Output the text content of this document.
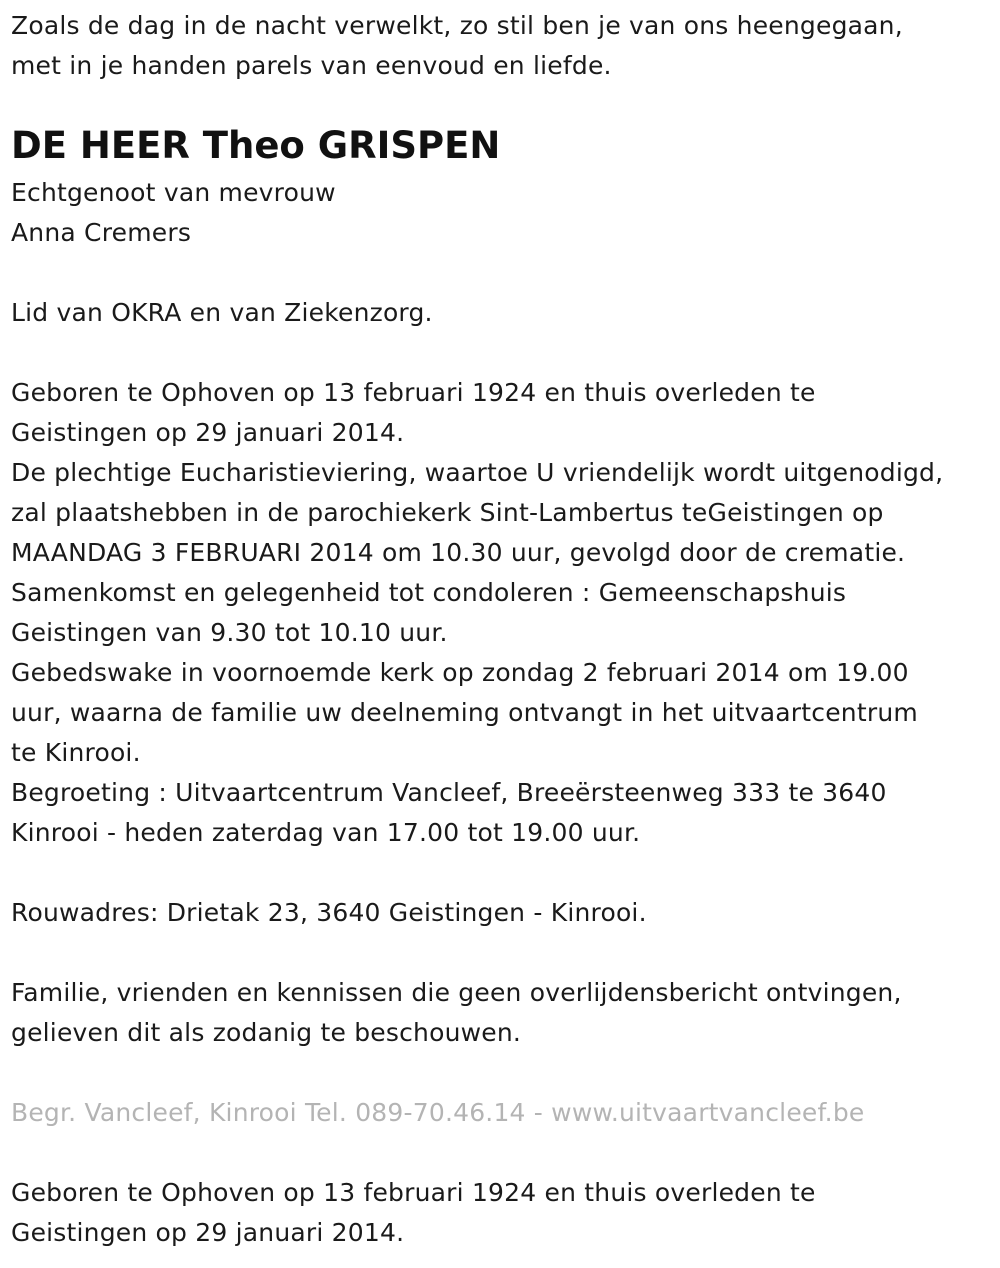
Zoals de dag in de nacht verwelkt, zo stil ben je van ons heengegaan,
met in je handen parels van eenvoud en liefde.
DE HEER Theo GRISPEN
Echtgenoot van mevrouw
Anna Cremers
Lid van OKRA en van Ziekenzorg.
Geboren te Ophoven op 13 februari 1924 en thuis overleden te
Geistingen op 29 januari 2014.
De plechtige Eucharistieviering, waartoe U vriendelijk wordt uitgenodigd,
zal plaatshebben in de parochiekerk Sint-Lambertus teGeistingen op
MAANDAG 3 FEBRUARI 2014 om 10.30 uur, gevolgd door de crematie.
Samenkomst en gelegenheid tot condoleren : Gemeenschapshuis
Geistingen van 9.30 tot 10.10 uur.
Gebedswake in voornoemde kerk op zondag 2 februari 2014 om 19.00
uur, waarna de familie uw deelneming ontvangt in het uitvaartcentrum
te Kinrooi.
Begroeting : Uitvaartcentrum Vancleef, Breeërsteenweg 333 te 3640
Kinrooi - heden zaterdag van 17.00 tot 19.00 uur.
Rouwadres: Drietak 23, 3640 Geistingen - Kinrooi.
Familie, vrienden en kennissen die geen overlijdensbericht ontvingen,
gelieven dit als zodanig te beschouwen.
Begr. Vancleef, Kinrooi Tel. 089-70.46.14 - www.uitvaartvancleef.be
Geboren te Ophoven op 13 februari 1924 en thuis overleden te
Geistingen op 29 januari 2014.
